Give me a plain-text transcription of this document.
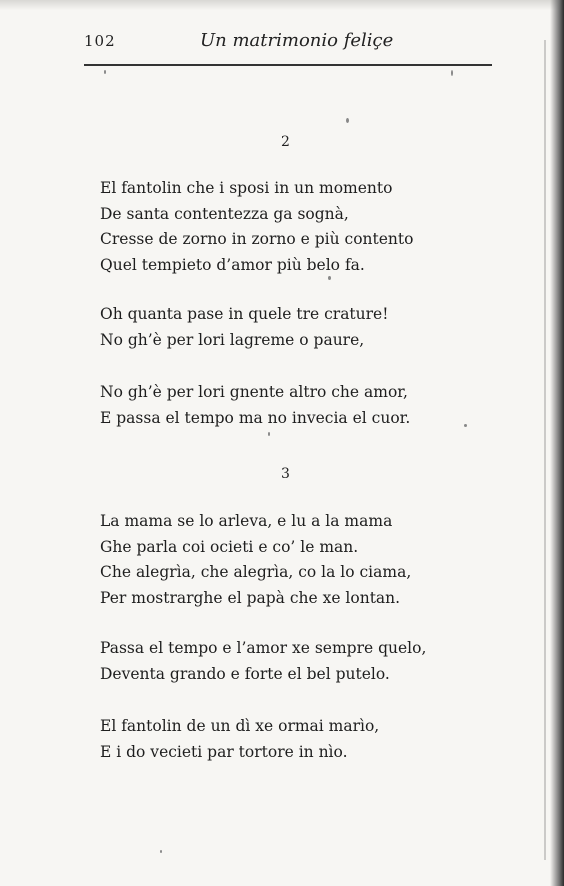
102	Un matrimonio feliçe
2
El fantolin che i sposi in un momento
De santa contentezza ga sognà,
Cresse de zorno in zorno e più contento
Quel tempieto d’amor più belo fa.
Oh quanta pase in quele tre crature!
No gh’è per lori lagreme o paure,
No gh’è per lori gnente altro che amor,
E passa el tempo ma no invecia el cuor.
3
La mama se lo arleva, e lu a la mama
Ghe parla coi ocieti e co’ le man.
Che alegrìa, che alegrìa, co la lo ciama,
Per mostrarghe el papà che xe lontan.
Passa el tempo e l’amor xe sempre quelo,
Deventa grando e forte el bel putelo.
El fantolin de un dì xe ormai marìo,
E i do vecieti par tortore in nìo.
